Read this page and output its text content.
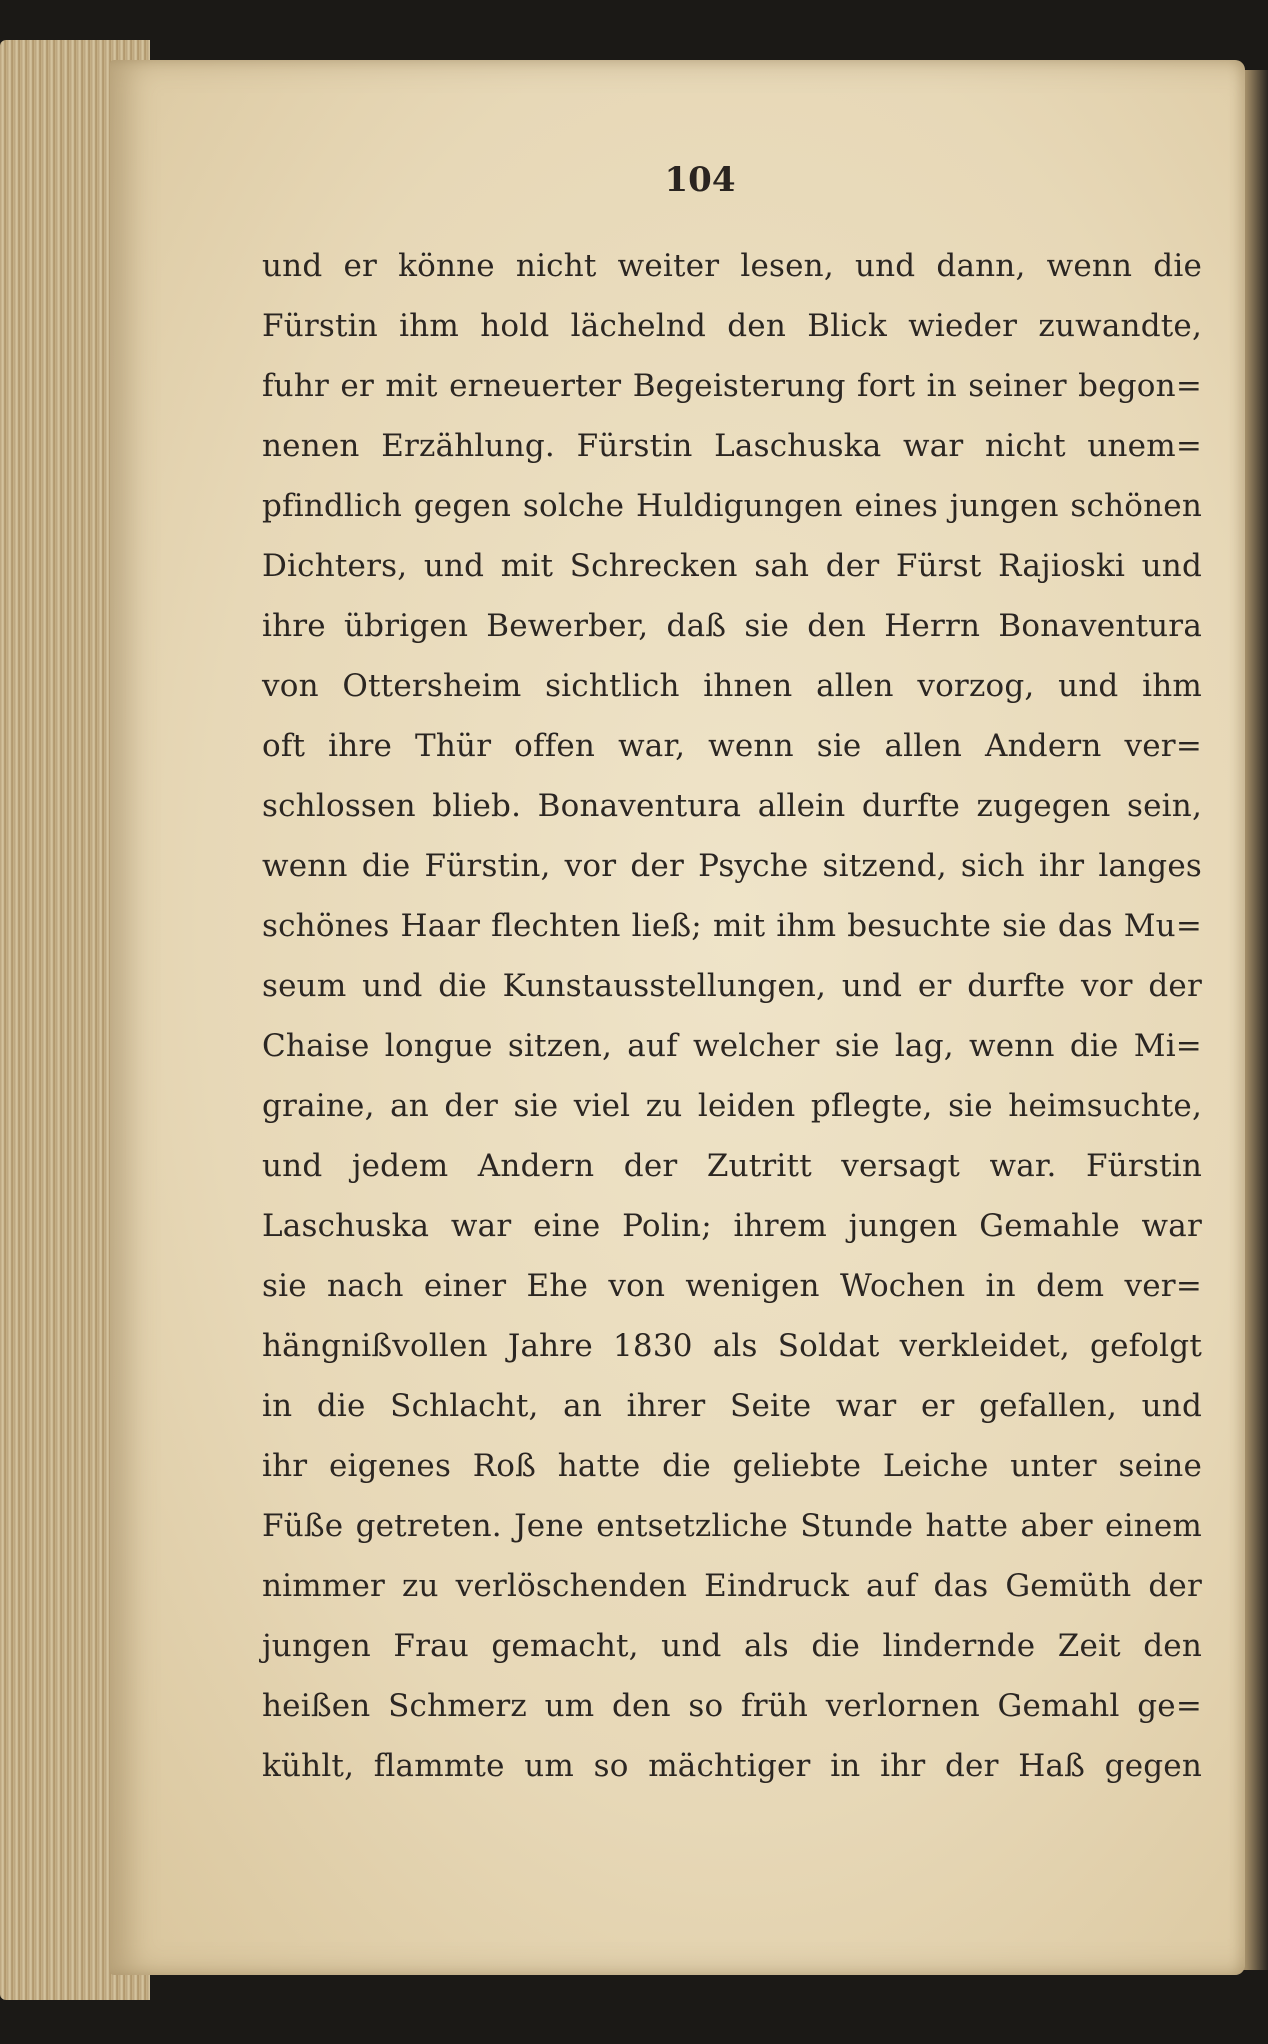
104
und er könne nicht weiter lesen, und dann, wenn die
Fürstin ihm hold lächelnd den Blick wieder zuwandte,
fuhr er mit erneuerter Begeisterung fort in seiner begon=
nenen Erzählung. Fürstin Laschuska war nicht unem=
pfindlich gegen solche Huldigungen eines jungen schönen
Dichters, und mit Schrecken sah der Fürst Rajioski und
ihre übrigen Bewerber, daß sie den Herrn Bonaventura
von Ottersheim sichtlich ihnen allen vorzog, und ihm
oft ihre Thür offen war, wenn sie allen Andern ver=
schlossen blieb. Bonaventura allein durfte zugegen sein,
wenn die Fürstin, vor der Psyche sitzend, sich ihr langes
schönes Haar flechten ließ; mit ihm besuchte sie das Mu=
seum und die Kunstausstellungen, und er durfte vor der
Chaise longue sitzen, auf welcher sie lag, wenn die Mi=
graine, an der sie viel zu leiden pflegte, sie heimsuchte,
und jedem Andern der Zutritt versagt war. Fürstin
Laschuska war eine Polin; ihrem jungen Gemahle war
sie nach einer Ehe von wenigen Wochen in dem ver=
hängnißvollen Jahre 1830 als Soldat verkleidet, gefolgt
in die Schlacht, an ihrer Seite war er gefallen, und
ihr eigenes Roß hatte die geliebte Leiche unter seine
Füße getreten. Jene entsetzliche Stunde hatte aber einem
nimmer zu verlöschenden Eindruck auf das Gemüth der
jungen Frau gemacht, und als die lindernde Zeit den
heißen Schmerz um den so früh verlornen Gemahl ge=
kühlt, flammte um so mächtiger in ihr der Haß gegen
